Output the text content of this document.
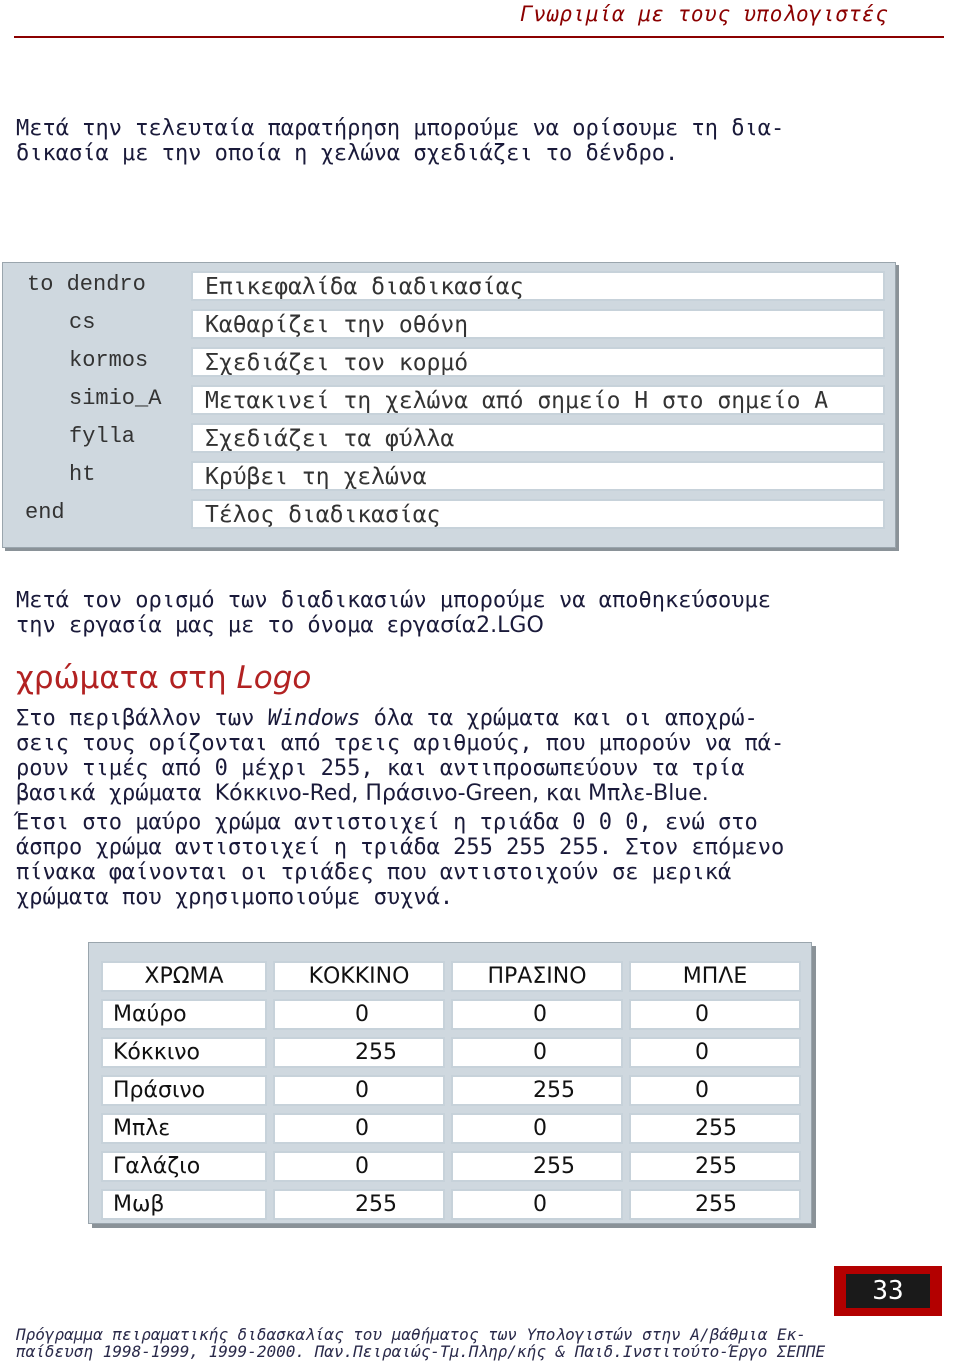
Γνωριμία με τους υπολογιστές
Μετά την τελευταία παρατήρηση μπορούμε να ορίσουμε τη δια-
δικασία με την οποία η χελώνα σχεδιάζει το δένδρο.
to dendro	Επικεφαλίδα διαδικασίας
cs	Καθαρίζει την οθόνη
kormos	Σχεδιάζει τον κορμό
simio_A	Μετακινεί τη χελώνα από σημείο Η στο σημείο Α
fylla	Σχεδιάζει τα φύλλα
ht	Κρύβει τη χελώνα
end	Τέλος διαδικασίας
Μετά τον ορισμό των διαδικασιών μπορούμε να αποθηκεύσουμε
την εργασία μας με το όνομα εργασία2.LGO
χρώματα στη Logo
Στο περιβάλλον των Windows όλα τα χρώματα και οι αποχρώ-
σεις τους ορίζονται από τρεις αριθμούς, που μπορούν να πά-
ρουν τιμές από 0 μέχρι 255, και αντιπροσωπεύουν τα τρία
βασικά χρώματα Κόκκινο-Red, Πράσινο-Green, και Μπλε-Blue.
Έτσι στο μαύρο χρώμα αντιστοιχεί η τριάδα 0 0 0, ενώ στο
άσπρο χρώμα αντιστοιχεί η τριάδα 255 255 255. Στον επόμενο
πίνακα φαίνονται οι τριάδες που αντιστοιχούν σε μερικά
χρώματα που χρησιμοποιούμε συχνά.
ΧΡΩΜΑ	ΚΟΚΚΙΝΟ	ΠΡΑΣΙΝΟ	ΜΠΛΕ
Μαύρο	0	0	0
Κόκκινο	255	0	0
Πράσινο	0	255	0
Μπλε	0	0	255
Γαλάζιο	0	255	255
Μωβ	255	0	255
33
Πρόγραμμα πειραματικής διδασκαλίας του μαθήματος των Υπολογιστών στην Α/βάθμια Εκ-
παίδευση 1998-1999, 1999-2000. Παν.Πειραιώς-Τμ.Πληρ/κής & Παιδ.Ινστιτούτο-Έργο ΣΕΠΠΕ
